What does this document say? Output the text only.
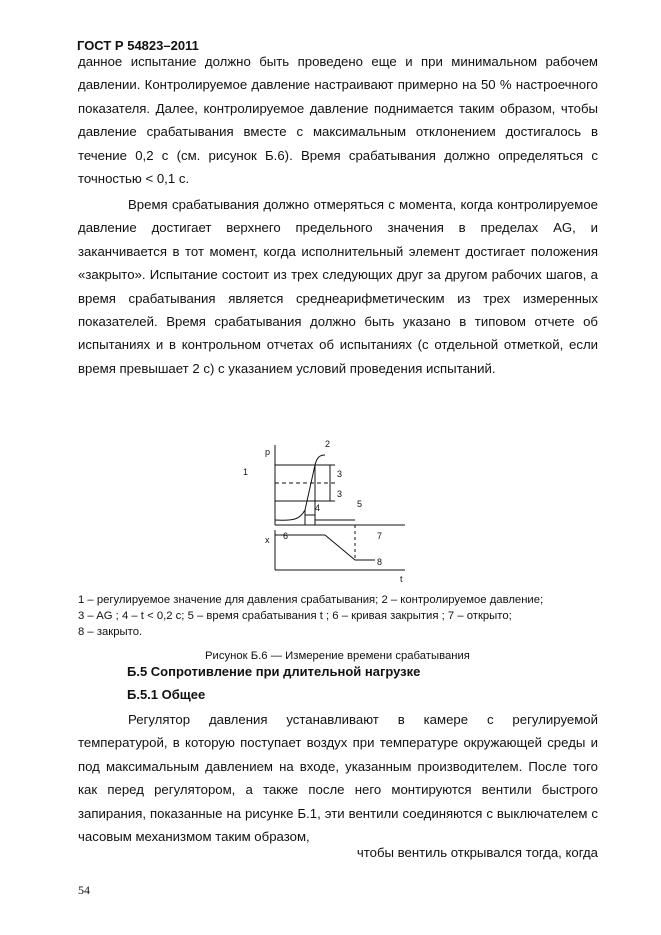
ГОСТ Р 54823–2011
данное испытание должно быть проведено еще и при минимальном рабочем давлении. Контролируемое давление настраивают примерно на 50 % настроечного показателя. Далее, контролируемое давление поднимается таким образом, чтобы давление срабатывания вместе с максимальным отклонением достигалось в течение 0,2 с (см. рисунок Б.6). Время срабатывания должно определяться с точностью < 0,1 с.
Время срабатывания должно отмеряться с момента, когда контролируемое давление достигает верхнего предельного значения в пределах AG, и заканчивается в тот момент, когда исполнительный элемент достигает положения «закрыто». Испытание состоит из трех следующих друг за другом рабочих шагов, а время срабатывания является среднеарифметическим из трех измеренных показателей. Время срабатывания должно быть указано в типовом отчете об испытаниях и в контрольном отчетах об испытаниях (с отдельной отметкой, если время превышает 2 с) с указанием условий проведения испытаний.
p
x
t
1
2
3
3
4	5
6	7
8
1 – регулируемое значение для давления срабатывания; 2 – контролируемое давление;
3 – AG ; 4 – t < 0,2 с; 5 – время срабатывания t ; 6 – кривая закрытия ; 7 – открыто;
8 – закрыто.
Рисунок Б.6 — Измерение времени срабатывания
Б.5 Сопротивление при длительной нагрузке
Б.5.1 Общее
Регулятор давления устанавливают в камере с регулируемой температурой, в которую поступает воздух при температуре окружающей среды и под максимальным давлением на входе, указанным производителем. После того как перед регулятором, а также после него монтируются вентили быстрого запирания, показанные на рисунке Б.1, эти вентили соединяются с выключателем с часовым механизмом таким образом,
чтобы вентиль открывался тогда, когда
54
